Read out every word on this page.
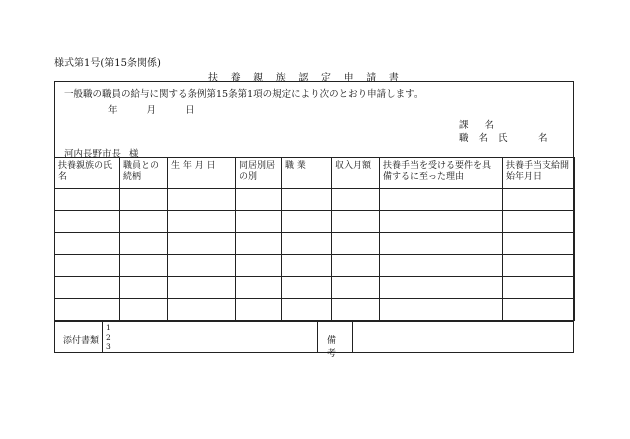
様式第1号(第15条関係)
扶養親族認定申請書
一般職の職員の給与に関する条例第15条第1項の規定により次のとおり申請します。
年	月	日
課名
職名氏 名
河内長野市長 様
扶養親族の氏名	職員との続柄	生 年 月 日	同居別居の別	職 業	収入月額	扶養手当を受ける要件を具備するに至った理由	扶養手当支給開始年月日

添付書類
1
2
3
備考
